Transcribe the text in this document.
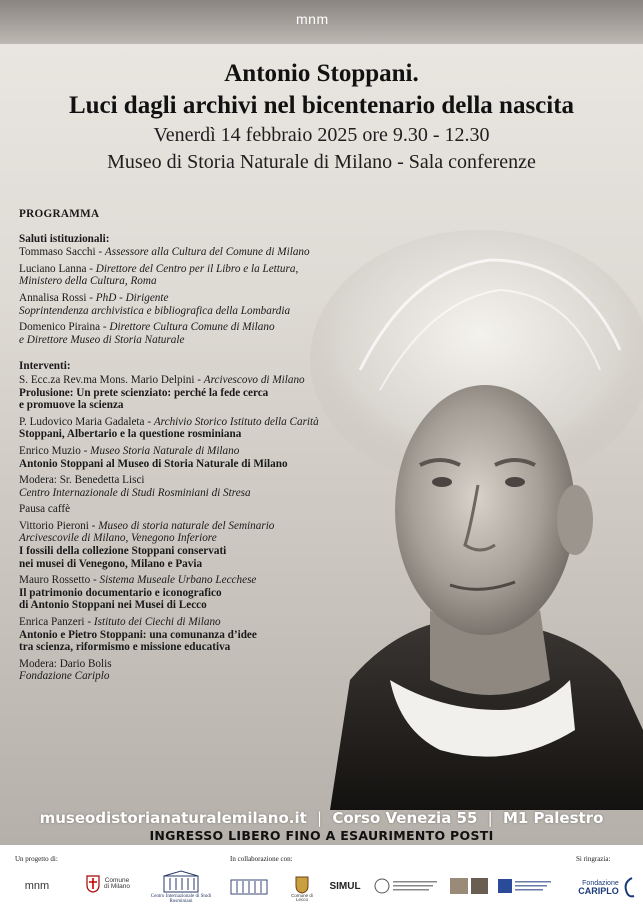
mnm
Antonio Stoppani.
Luci dagli archivi nel bicentenario della nascita
Venerdì 14 febbraio 2025 ore 9.30 - 12.30
Museo di Storia Naturale di Milano - Sala conferenze
PROGRAMMA
Saluti istituzionali:
Tommaso Sacchi - Assessore alla Cultura del Comune di Milano
Luciano Lanna - Direttore del Centro per il Libro e la Lettura,
Ministero della Cultura, Roma
Annalisa Rossi - PhD - Dirigente
Soprintendenza archivistica e bibliografica della Lombardia
Domenico Piraina - Direttore Cultura Comune di Milano
e Direttore Museo di Storia Naturale
Interventi:
S. Ecc.za Rev.ma Mons. Mario Delpini - Arcivescovo di Milano
Prolusione: Un prete scienziato: perché la fede cerca
e promuove la scienza
P. Ludovico Maria Gadaleta - Archivio Storico Istituto della Carità
Stoppani, Albertario e la questione rosminiana
Enrico Muzio - Museo Storia Naturale di Milano
Antonio Stoppani al Museo di Storia Naturale di Milano
Modera: Sr. Benedetta Lisci
Centro Internazionale di Studi Rosminiani di Stresa
Pausa caffè
Vittorio Pieroni - Museo di storia naturale del Seminario
Arcivescovile di Milano, Venegono Inferiore
I fossili della collezione Stoppani conservati
nei musei di Venegono, Milano e Pavia
Mauro Rossetto - Sistema Museale Urbano Lecchese
Il patrimonio documentario e iconografico
di Antonio Stoppani nei Musei di Lecco
Enrica Panzeri - Istituto dei Ciechi di Milano
Antonio e Pietro Stoppani: una comunanza d’idee
tra scienza, riformismo e missione educativa
Modera: Dario Bolis
Fondazione Cariplo
museodistorianaturalemilano.it | Corso Venezia 55 | M1 Palestro
INGRESSO LIBERO FINO A ESAURIMENTO POSTI
Un progetto di:	In collaborazione con:	Si ringrazia:
mnm	Comune di Milano
Centro Internazionale di Studi Rosminiani
Comune di Lecco
SIMUL	Fondazione
CARIPLO
